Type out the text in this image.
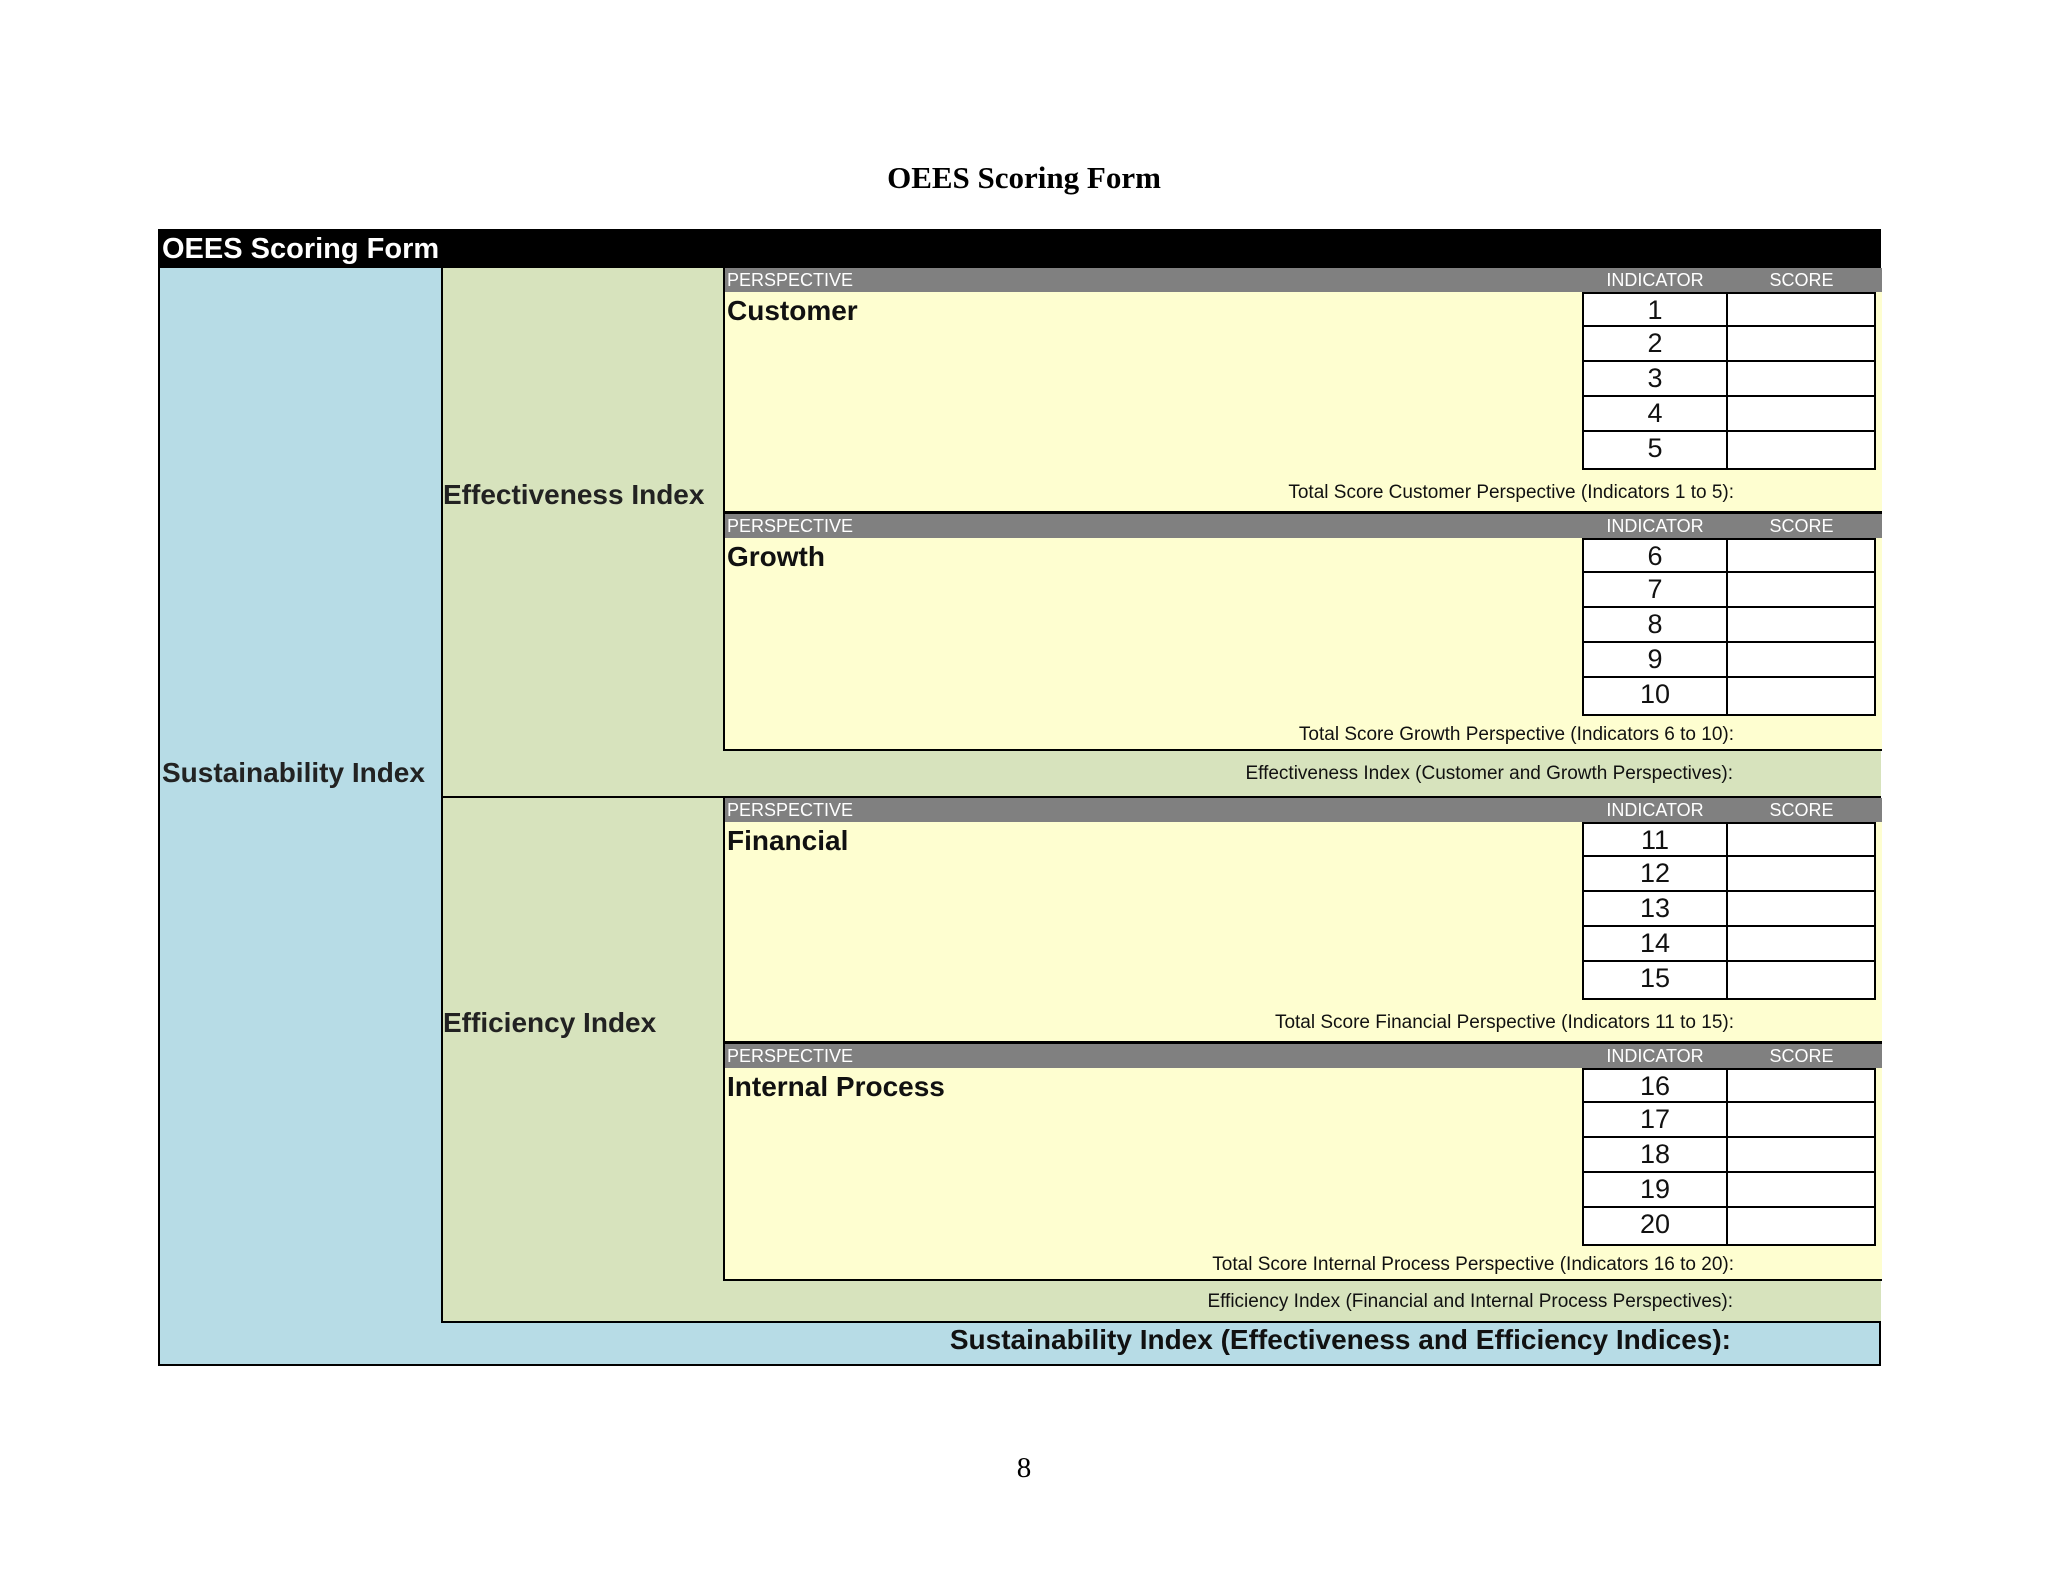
OEES Scoring Form
OEES Scoring Form
Sustainability Index
Effectiveness Index
PERSPECTIVE	INDICATOR	SCORE
Customer	1
2
3
4
5
Total Score Customer Perspective (Indicators 1 to 5):
PERSPECTIVE	INDICATOR	SCORE
Growth	6
7
8
9
10
Total Score Growth Perspective (Indicators 6 to 10):
Effectiveness Index (Customer and Growth Perspectives):
Efficiency Index
PERSPECTIVE	INDICATOR	SCORE
Financial	11
12
13
14
15
Total Score Financial Perspective (Indicators 11 to 15):
PERSPECTIVE	INDICATOR	SCORE
Internal Process	16
17
18
19
20
Total Score Internal Process Perspective (Indicators 16 to 20):
Efficiency Index (Financial and Internal Process Perspectives):
Sustainability Index (Effectiveness and Efficiency Indices):
8
